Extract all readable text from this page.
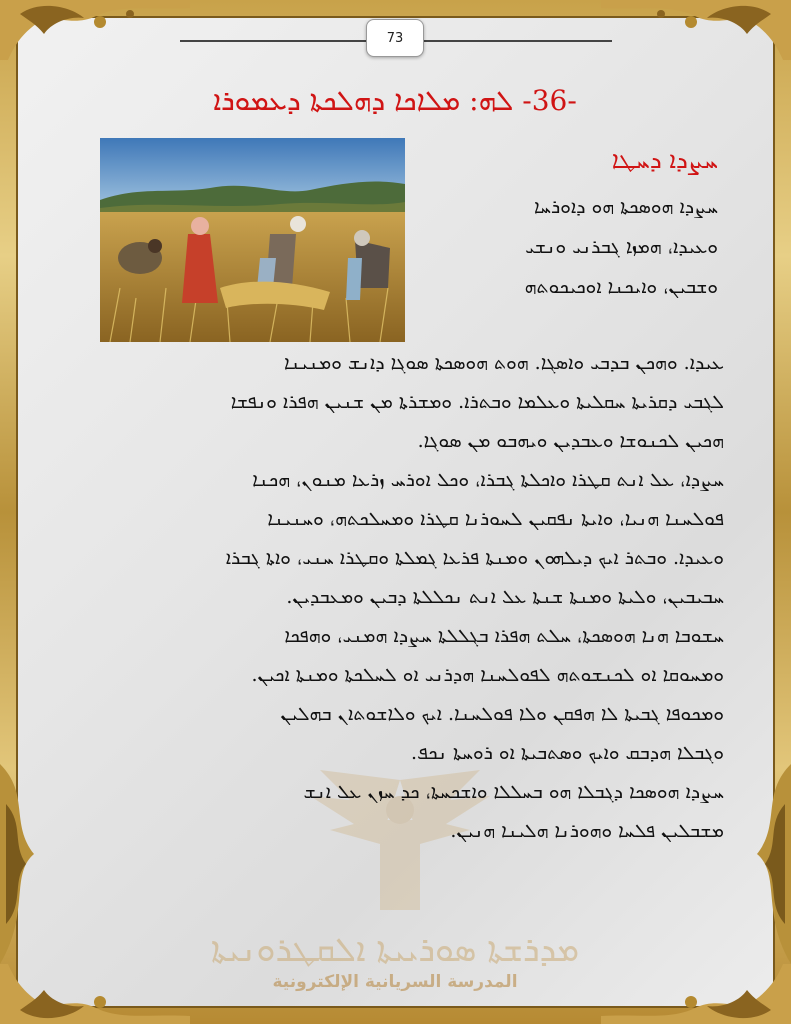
73
-36- ܠܗ: ܡܠܐܟܐ ܕܗܠܟܬܐ ܕܥܡܘܪܐ
ܚܨܕܐ ܕܚܛܐ
ܚܨܕܐ ܗܘܣܟܬܐ ܗܘ ܕܐܘܪܚܐ
ܘܥܝܕܐ، ܗܡܙܐ ܓܒܪܢܝ ܘܢܫܝ
ܘܫܒܝܢ، ܘܐܝܟܢܐ ܐܘܟܝܟܘܬܗ
ܡܕܪܫܬܐ ܣܘܪܝܝܬܐ ܐܠܩܛܪܘܢܝܬܐ
المدرسة السريانية الإلكترونية
ܥܝܕܐ. ܘܗܟܢ ܒܕܒܝ ܘܐܣܓܐ. ܗܘܬ ܗܘܣܟܬܐ ܣܘܓܐ ܕܐܢܫ ܘܡܢܝܢܐ
ܠܓܒܝ ܕܩܪܝܬܐ ܚܩܠܝܬܐ ܘܥܠܡܐ ܘܒܬܪܐ. ܘܡܫܪܬܐ ܡܢ ܫܢܝܢ ܗܦܪܐ ܘܢܦܫܐ
ܗܟܝܢ ܠܟܢܘܫܐ ܘܥܒܕܝܢ ܘܝܗܒܘ ܡܢ ܣܘܓܐ.
ܚܨܕܐ، ܥܠ ܐܢܬ ܩܛܪܐ ܘܐܟܠܬܐ ܓܒܪܐ، ܘܟܠ ܐܘܪܚ ܙܪܥܐ ܡܢܘܢ، ܗܟܢܐ
ܦܘܠܚܢܐ ܗܢܝܐ، ܘܐܝܬܐ ܢܦܩܝܢ ܠܚܘܪܢܐ ܩܛܪܐ ܘܡܚܠܟܬܗ، ܘܚܢܝܢܐ
ܘܥܝܕܐ. ܘܒܬܪ ܐܝܟ ܕܝܠܗܘܢ ܘܡܢܬܐ ܦܪܥܐ ܓܡܠܬܐ ܘܩܛܪܐ ܚܢܝ، ܘܐܬܐ ܓܒܪܐ
ܚܒܝܒܝܢ، ܘܠܝܬܐ ܘܡܢܬܐ ܫܢܬܐ ܥܠ ܐܢܬ ܢܟܠܠܬܐ ܕܒܝܢ ܘܡܥܒܕܝܢ.
ܚܫܘܒܐ ܗܢܐ ܗܘܣܟܬܐ، ܚܠܬ ܗܦܪܐ ܒܓܠܠܬܐ ܚܨܕܐ ܗܡܢܝ، ܘܗܦܟܐ
ܘܡܚܘܩܐ ܐܘ ܠܟܢܫܘܬܗ ܠܦܘܠܚܢܐ ܗܕܪܢܝ ܐܘ ܠܚܠܟܬܐ ܘܡܢܬܐ ܐܟܝܢ.
ܘܡܟܘܦܐ ܓܒܝܬܐ ܠܐ ܗܦܩܢ ܘܠܐ ܦܘܠܚܢܐ. ܐܝܟ ܘܠܐܫܘܬܐܢ ܒܗܠܝܢ
ܘܓܒܠܐ ܗܕܒܩ ܘܐܝܟ ܘܣܬܒܝܬܐ ܐܘ ܪܘܚܬܐ ܢܟܦ.
ܚܨܕܐ ܗܘܣܟܐ ܕܓܒܠܐ ܗܘ ܒܚܠܠܐ ܘܐܫܟܚܬܐ، ܟܕ ܚܙܢ ܥܠ ܐܢܫ
ܡܫܒܠܝܢ ܦܠܚܐ ܘܗܘܪܢܐ ܗܠܝܢܐ ܗܢܝܢ.
